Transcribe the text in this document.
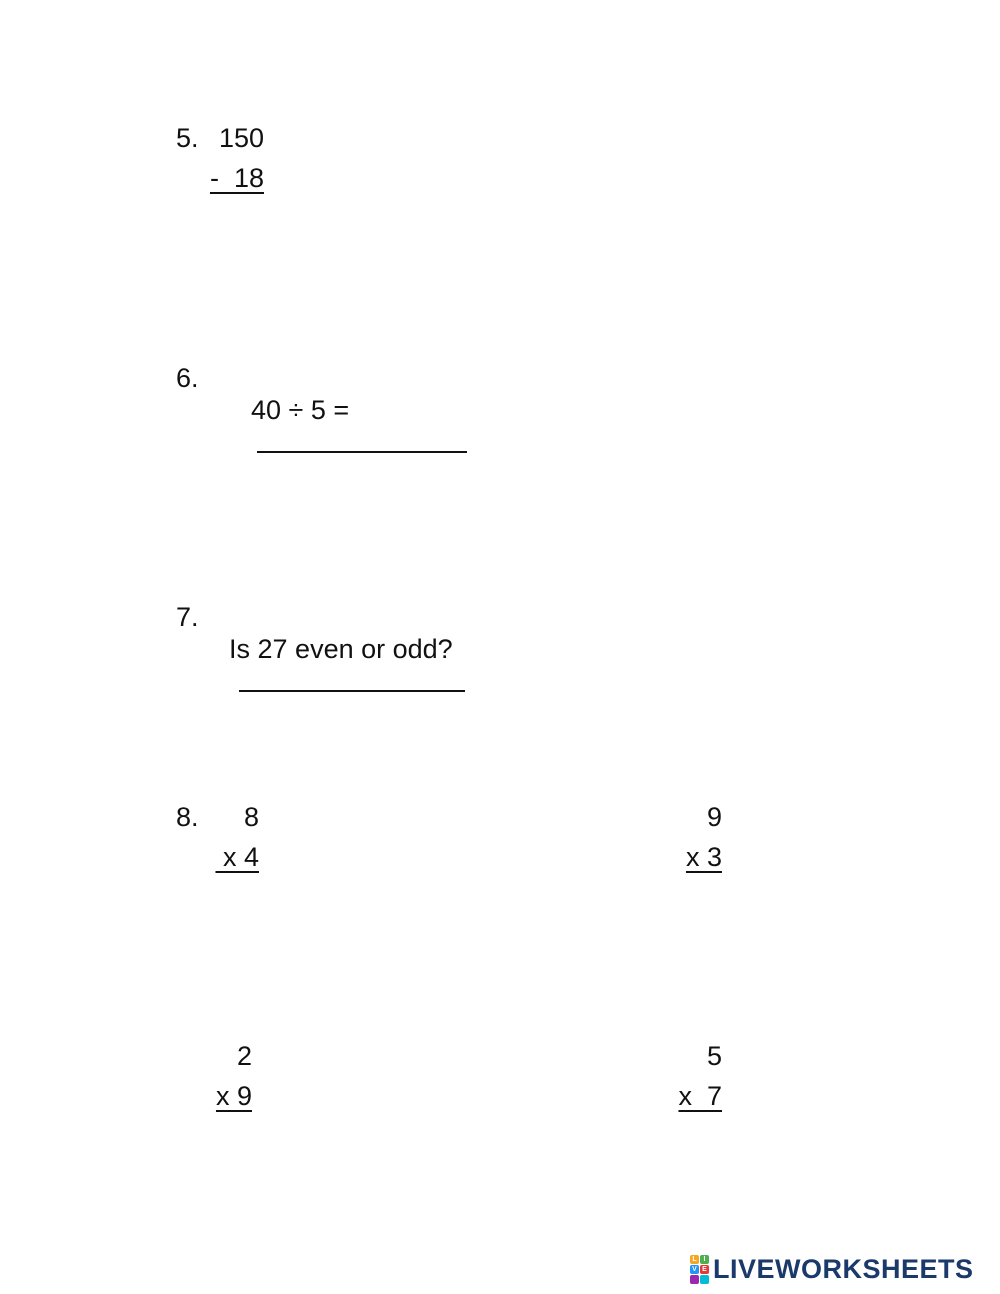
5. 150
-  18
6.

40 ÷ 5 =

7.

Is 27 even or odd?

8.	8
x 4
9
x 3
2
x 9
5
x  7
L I
V E LIVEWORKSHEETS
